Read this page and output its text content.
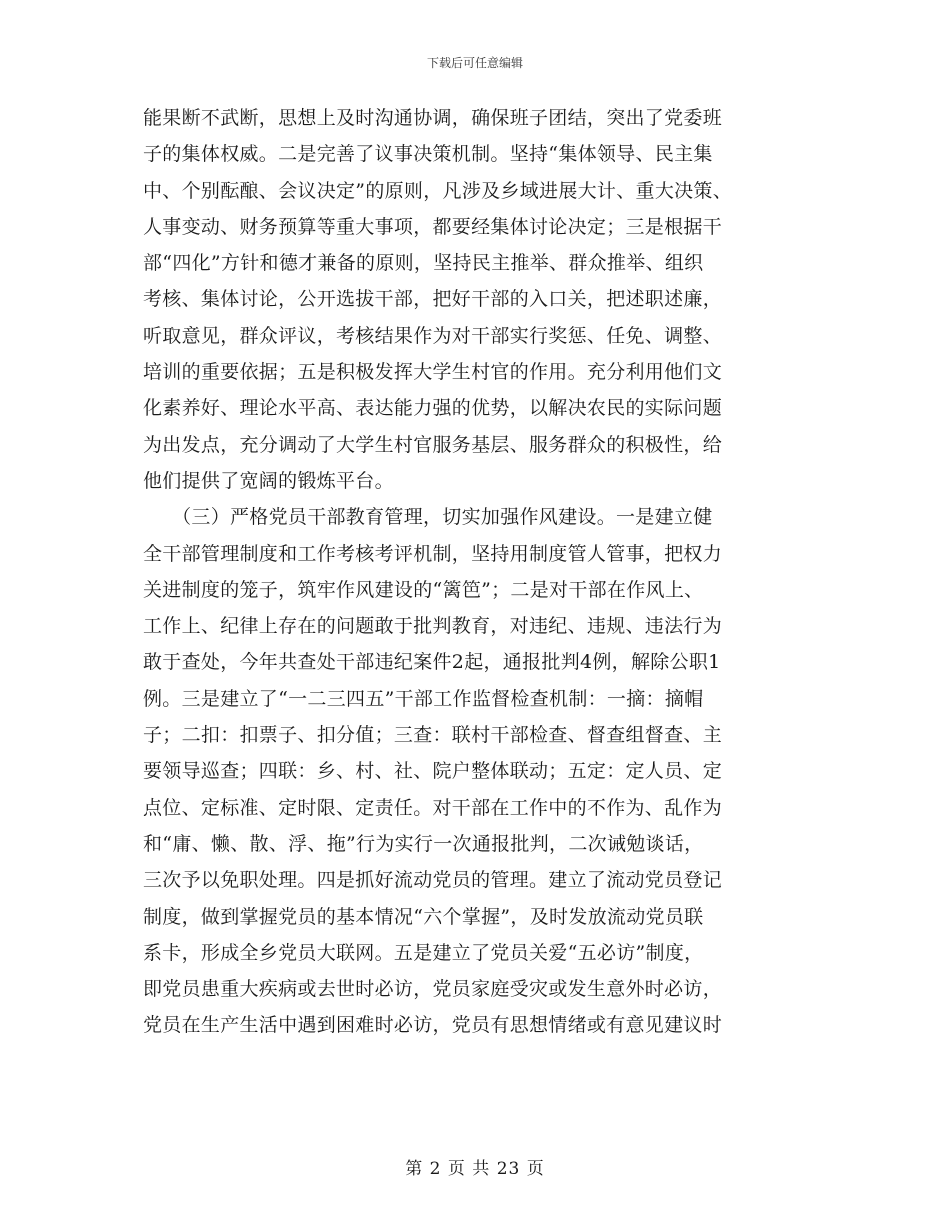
下载后可任意编辑
能果断不武断，思想上及时沟通协调，确保班子团结，突出了党委班
子的集体权威。二是完善了议事决策机制。坚持“集体领导、民主集
中、个别酝酿、会议决定”的原则，凡涉及乡域进展大计、重大决策、
人事变动、财务预算等重大事项，都要经集体讨论决定；三是根据干
部“四化”方针和德才兼备的原则，坚持民主推举、群众推举、组织
考核、集体讨论，公开选拔干部，把好干部的入口关，把述职述廉，
听取意见，群众评议，考核结果作为对干部实行奖惩、任免、调整、
培训的重要依据；五是积极发挥大学生村官的作用。充分利用他们文
化素养好、理论水平高、表达能力强的优势，以解决农民的实际问题
为出发点，充分调动了大学生村官服务基层、服务群众的积极性，给
他们提供了宽阔的锻炼平台。
　　（三）严格党员干部教育管理，切实加强作风建设。一是建立健
全干部管理制度和工作考核考评机制，坚持用制度管人管事，把权力
关进制度的笼子，筑牢作风建设的“篱笆”；二是对干部在作风上、
工作上、纪律上存在的问题敢于批判教育，对违纪、违规、违法行为
敢于查处，今年共查处干部违纪案件2起，通报批判4例，解除公职1
例。三是建立了“一二三四五”干部工作监督检查机制：一摘：摘帽
子；二扣：扣票子、扣分值；三查：联村干部检查、督查组督查、主
要领导巡查；四联：乡、村、社、院户整体联动；五定：定人员、定
点位、定标准、定时限、定责任。对干部在工作中的不作为、乱作为
和“庸、懒、散、浮、拖”行为实行一次通报批判，二次诫勉谈话，
三次予以免职处理。四是抓好流动党员的管理。建立了流动党员登记
制度，做到掌握党员的基本情况“六个掌握”，及时发放流动党员联
系卡，形成全乡党员大联网。五是建立了党员关爱“五必访”制度，
即党员患重大疾病或去世时必访，党员家庭受灾或发生意外时必访，
党员在生产生活中遇到困难时必访，党员有思想情绪或有意见建议时
第 2 页 共 23 页
